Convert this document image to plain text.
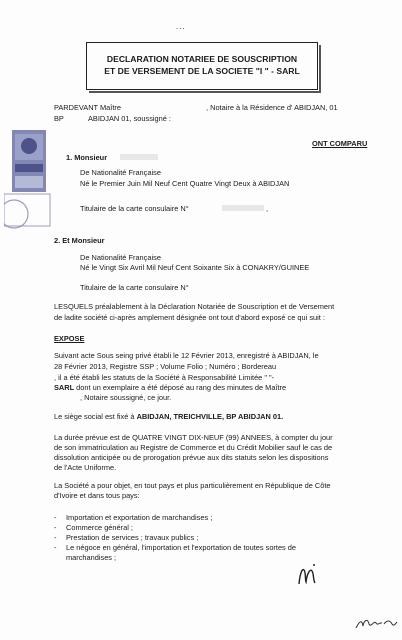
...
DECLARATION NOTARIEE DE SOUSCRIPTION
ET DE VERSEMENT DE LA SOCIETE "I " - SARL
PARDEVANT Maître	, Notaire à la Résidence d' ABIDJAN, 01
BP	ABIDJAN 01, soussigné :
ONT COMPARU
1. Monsieur
De Nationalité Française
Né le Premier Juin Mil Neuf Cent Quatre Vingt Deux à ABIDJAN
Titulaire de la carte consulaire N°	,
2. Et Monsieur
De Nationalité Française
Né le Vingt Six Avril Mil Neuf Cent Soixante Six à CONAKRY/GUINEE
Titulaire de la carte consulaire N°
LESQUELS préalablement à la Déclaration Notariée de Souscription et de Versement
de ladite société ci-après amplement désignée ont tout d'abord exposé ce qui suit :
EXPOSE
Suivant acte Sous seing privé établi le 12 Février 2013, enregistré à ABIDJAN, le
28 Février 2013, Registre SSP ; Volume Folio ; Numéro ; Bordereau
, il a été établi les statuts de la Société à Responsabilité Limitée " "-
SARL dont un exemplaire a été déposé au rang des minutes de Maître
, Notaire soussigné, ce jour.
Le siège social est fixé à ABIDJAN, TREICHVILLE, BP ABIDJAN 01.
La durée prévue est de QUATRE VINGT DIX-NEUF (99) ANNEES, à compter du jour
de son immatriculation au Registre de Commerce et du Crédit Mobilier sauf le cas de
dissolution anticipée ou de prorogation prévue aux dits statuts selon les dispositions
de l'Acte Uniforme.
La Société a pour objet, en tout pays et plus particulièrement en République de Côte
d'Ivoire et dans tous pays:
- Importation et exportation de marchandises ;
- Commerce général ;
- Prestation de services ; travaux publics ;
- Le négoce en général, l'importation et l'exportation de toutes sortes de
marchandises ;
